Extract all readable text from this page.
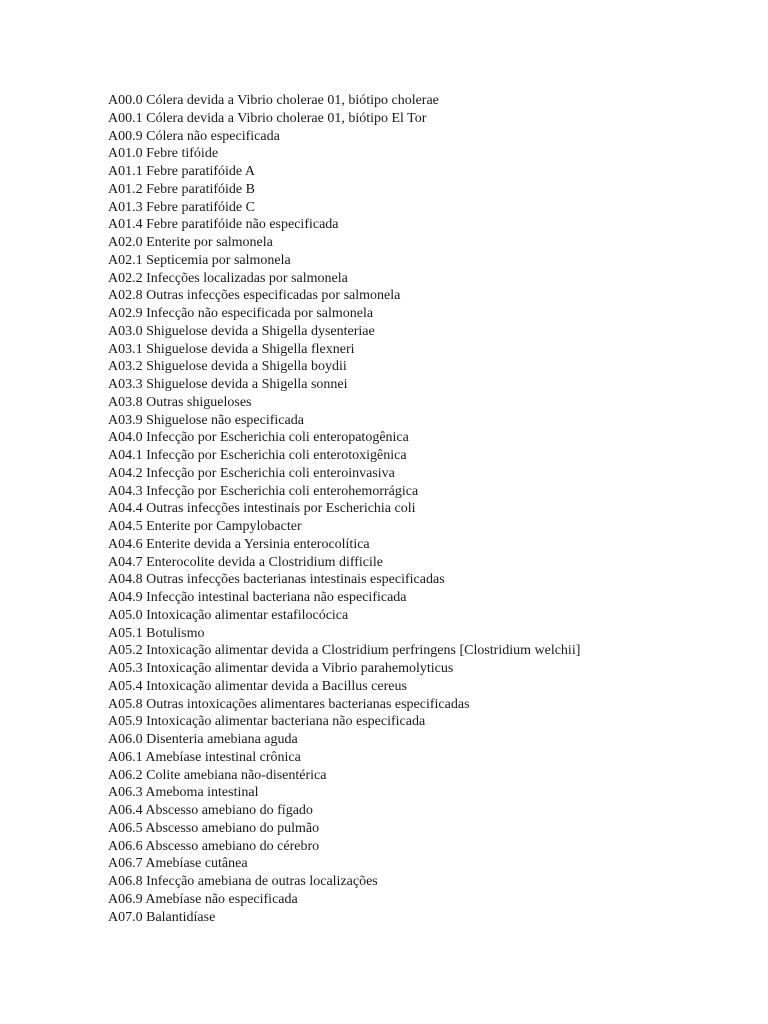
A00.0 Cólera devida a Vibrio cholerae 01, biótipo cholerae
A00.1 Cólera devida a Vibrio cholerae 01, biótipo El Tor
A00.9 Cólera não especificada
A01.0 Febre tifóide
A01.1 Febre paratifóide A
A01.2 Febre paratifóide B
A01.3 Febre paratifóide C
A01.4 Febre paratifóide não especificada
A02.0 Enterite por salmonela
A02.1 Septicemia por salmonela
A02.2 Infecções localizadas por salmonela
A02.8 Outras infecções especificadas por salmonela
A02.9 Infecção não especificada por salmonela
A03.0 Shiguelose devida a Shigella dysenteriae
A03.1 Shiguelose devida a Shigella flexneri
A03.2 Shiguelose devida a Shigella boydii
A03.3 Shiguelose devida a Shigella sonnei
A03.8 Outras shigueloses
A03.9 Shiguelose não especificada
A04.0 Infecção por Escherichia coli enteropatogênica
A04.1 Infecção por Escherichia coli enterotoxigênica
A04.2 Infecção por Escherichia coli enteroinvasiva
A04.3 Infecção por Escherichia coli enterohemorrágica
A04.4 Outras infecções intestinais por Escherichia coli
A04.5 Enterite por Campylobacter
A04.6 Enterite devida a Yersinia enterocolítica
A04.7 Enterocolite devida a Clostridium difficile
A04.8 Outras infecções bacterianas intestinais especificadas
A04.9 Infecção intestinal bacteriana não especificada
A05.0 Intoxicação alimentar estafilocócica
A05.1 Botulismo
A05.2 Intoxicação alimentar devida a Clostridium perfringens [Clostridium welchii]
A05.3 Intoxicação alimentar devida a Vibrio parahemolyticus
A05.4 Intoxicação alimentar devida a Bacillus cereus
A05.8 Outras intoxicações alimentares bacterianas especificadas
A05.9 Intoxicação alimentar bacteriana não especificada
A06.0 Disenteria amebiana aguda
A06.1 Amebíase intestinal crônica
A06.2 Colite amebiana não-disentérica
A06.3 Ameboma intestinal
A06.4 Abscesso amebiano do fígado
A06.5 Abscesso amebiano do pulmão
A06.6 Abscesso amebiano do cérebro
A06.7 Amebíase cutânea
A06.8 Infecção amebiana de outras localizações
A06.9 Amebíase não especificada
A07.0 Balantidíase
